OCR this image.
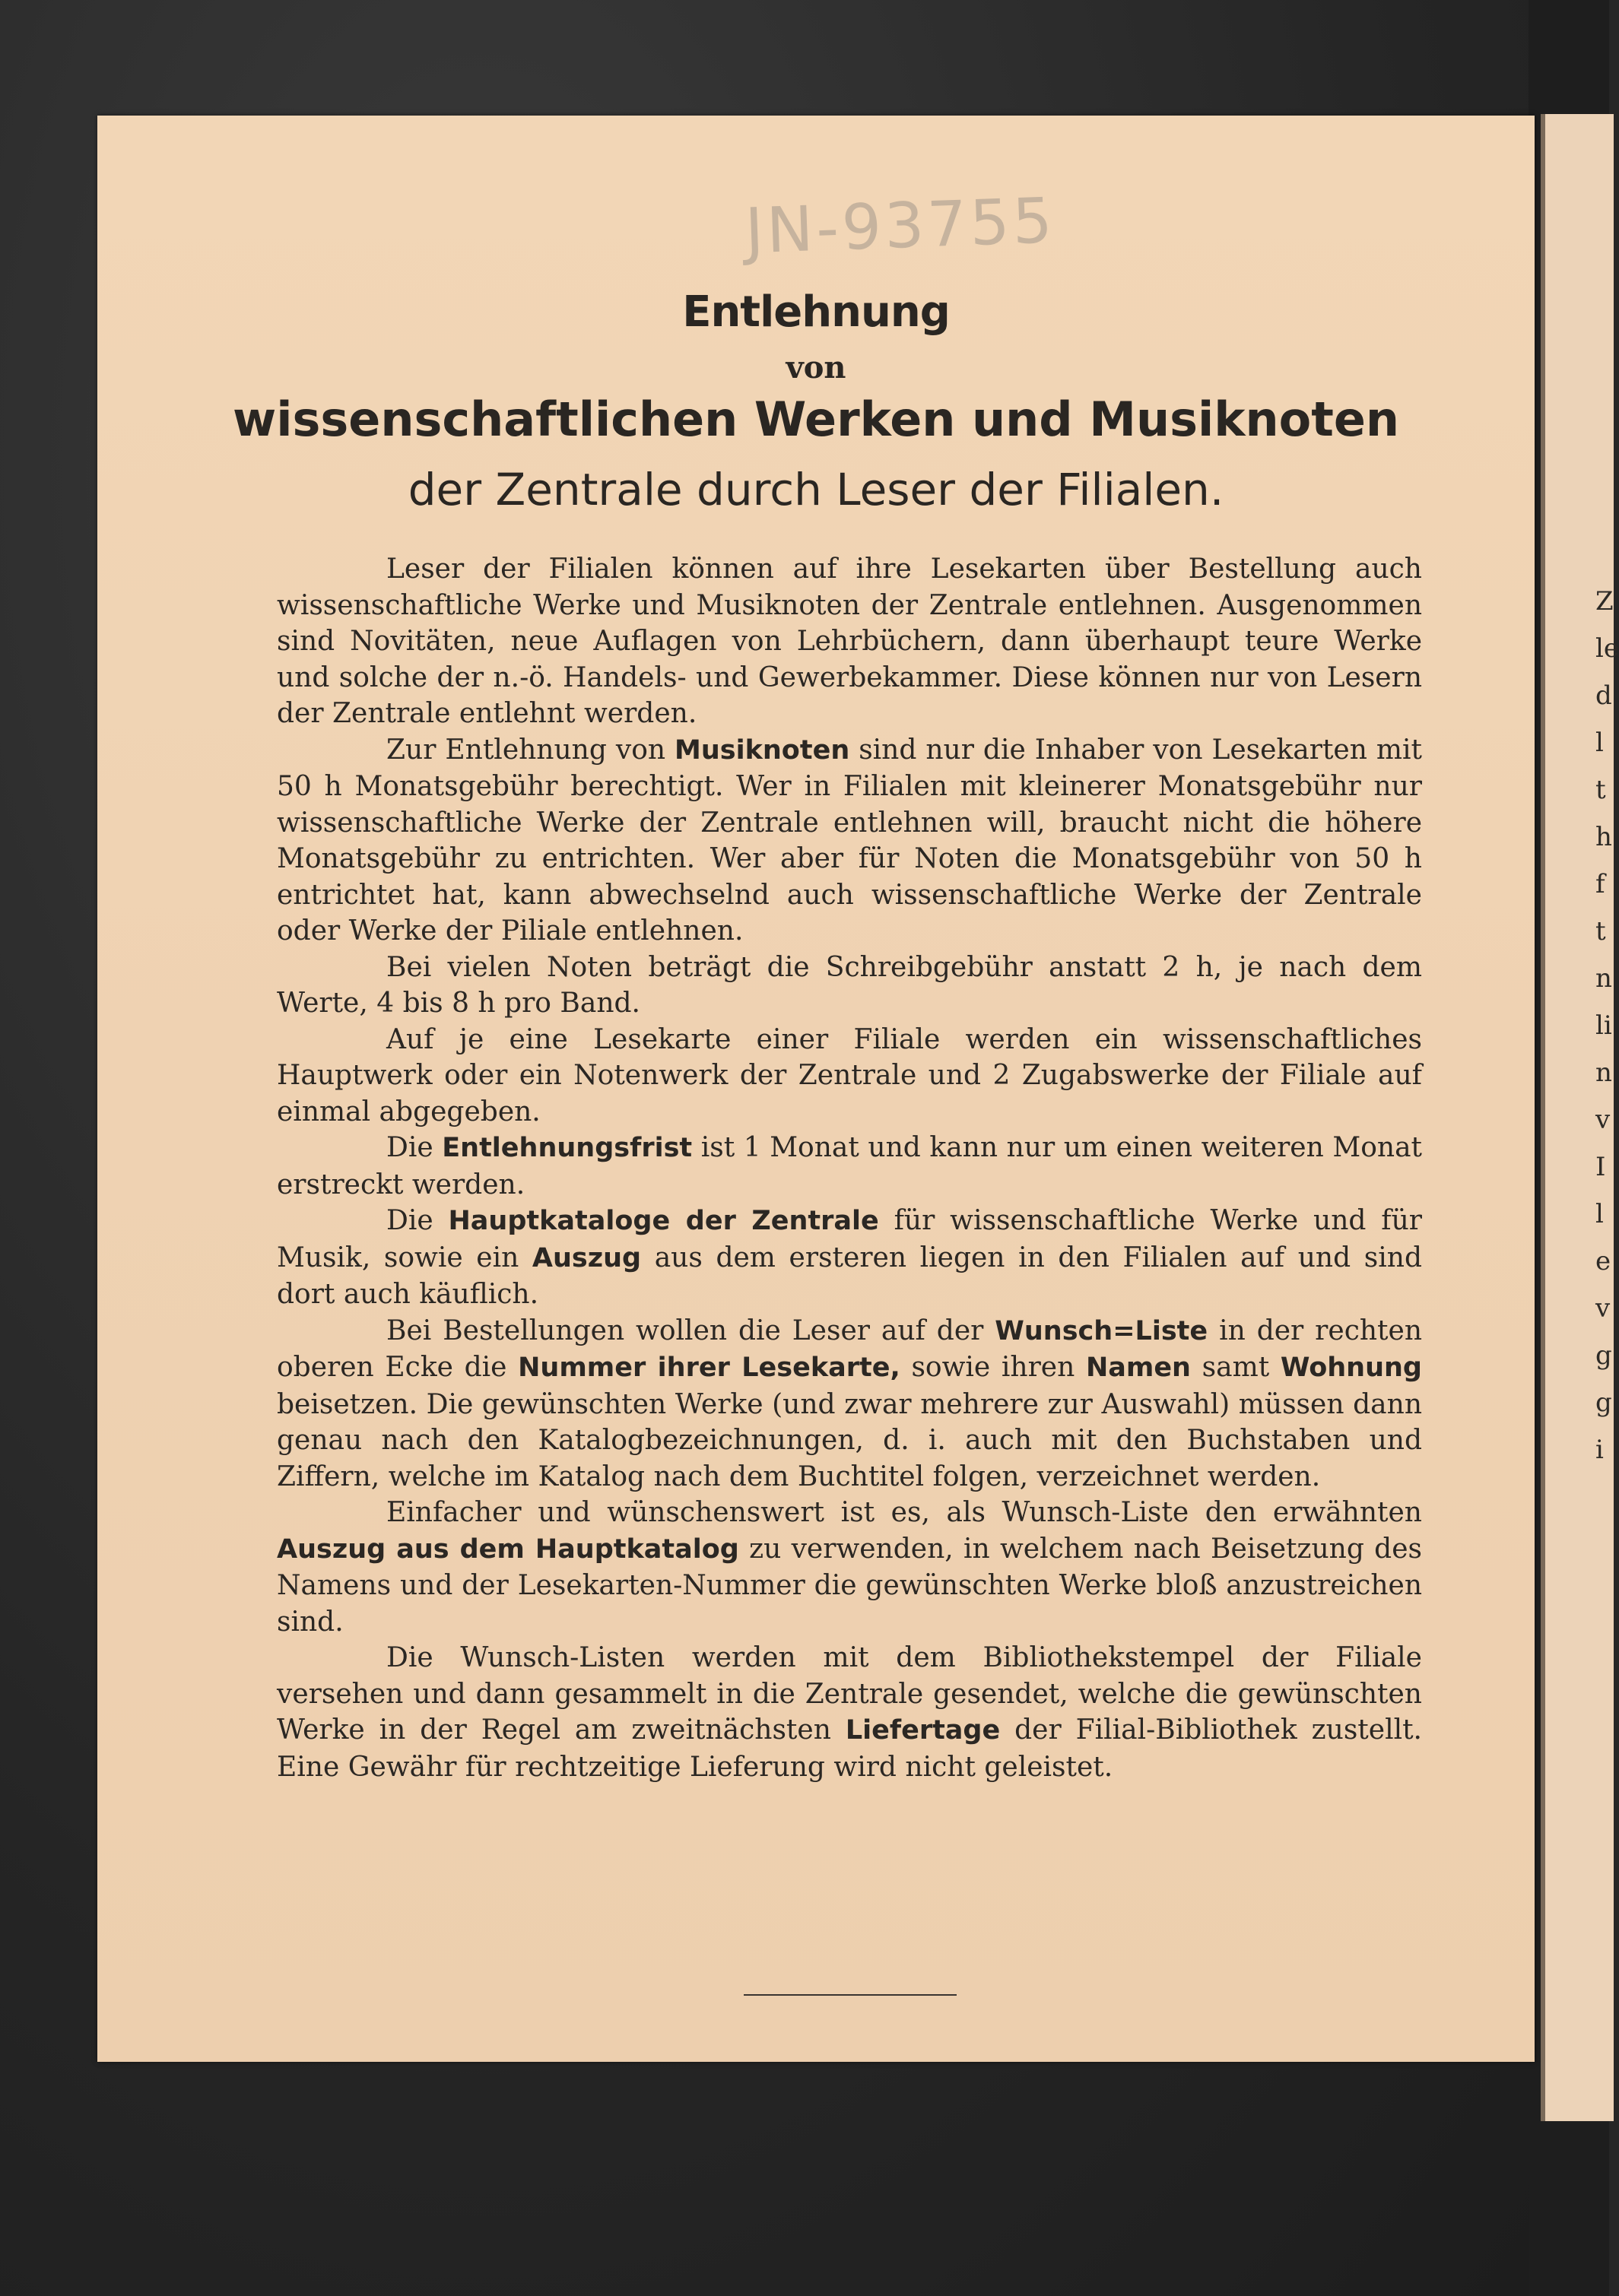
Z
le
d
l
t
h
f
t
n
li
n
v
I
l
e
v
g
g
i
JN-93755
Entlehnung
von
wissenschaftlichen Werken und Musiknoten
der Zentrale durch Leser der Filialen.

Leser der Filialen können auf ihre Lesekarten über Bestellung auch wissenschaftliche Werke und Musiknoten der Zentrale entlehnen. Ausgenommen sind Novitäten, neue Auflagen von Lehrbüchern, dann überhaupt teure Werke und solche der n.-ö. Handels- und Gewerbekammer. Diese können nur von Lesern der Zentrale entlehnt werden.

Zur Entlehnung von Musiknoten sind nur die Inhaber von Lesekarten mit 50 h Monatsgebühr berechtigt. Wer in Filialen mit kleinerer Monatsgebühr nur wissenschaftliche Werke der Zentrale entlehnen will, braucht nicht die höhere Monatsgebühr zu entrichten. Wer aber für Noten die Monatsgebühr von 50 h entrichtet hat, kann abwechselnd auch wissenschaftliche Werke der Zentrale oder Werke der Piliale entlehnen.

Bei vielen Noten beträgt die Schreibgebühr anstatt 2 h, je nach dem Werte, 4 bis 8 h pro Band.

Auf je eine Lesekarte einer Filiale werden ein wissenschaftliches Hauptwerk oder ein Notenwerk der Zentrale und 2 Zugabswerke der Filiale auf einmal abgegeben.

Die Entlehnungsfrist ist 1 Monat und kann nur um einen weiteren Monat erstreckt werden.

Die Hauptkataloge der Zentrale für wissenschaftliche Werke und für Musik, sowie ein Auszug aus dem ersteren liegen in den Filialen auf und sind dort auch käuflich.

Bei Bestellungen wollen die Leser auf der Wunsch=Liste in der rechten oberen Ecke die Nummer ihrer Lesekarte, sowie ihren Namen samt Wohnung beisetzen. Die gewünschten Werke (und zwar mehrere zur Auswahl) müssen dann genau nach den Katalogbezeichnungen, d. i. auch mit den Buchstaben und Ziffern, welche im Katalog nach dem Buchtitel folgen, verzeichnet werden.

Einfacher und wünschenswert ist es, als Wunsch-Liste den erwähnten Auszug aus dem Hauptkatalog zu verwenden, in welchem nach Beisetzung des Namens und der Lesekarten-Nummer die gewünschten Werke bloß anzustreichen sind.

Die Wunsch-Listen werden mit dem Bibliothekstempel der Filiale versehen und dann gesammelt in die Zentrale gesendet, welche die gewünschten Werke in der Regel am zweitnächsten Liefertage der Filial-Bibliothek zustellt. Eine Gewähr für rechtzeitige Lieferung wird nicht geleistet.
